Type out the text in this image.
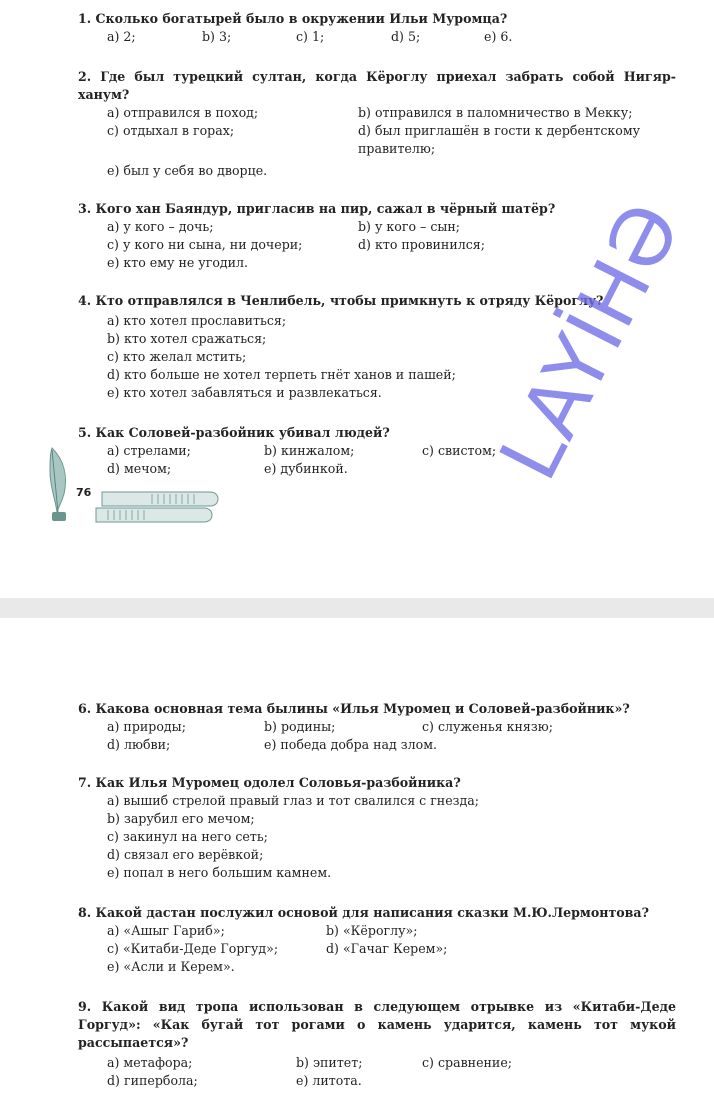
1. Сколько богатырей было в окружении Ильи Муромца?
a) 2;	b) 3;	c) 1;	d) 5;	e) 6.
2. Где был турецкий султан, когда Кёроглу приехал забрать собой Нигяр-ханум?
a) отправился в поход;	b) отправился в паломничество в Мекку;
c) отдыхал в горах;	d) был приглашён в гости к дербентскому правителю;
e) был у себя во дворце.
3. Кого хан Баяндур, пригласив на пир, сажал в чёрный шатёр?
a) у кого – дочь;	b) у кого – сын;
c) у кого ни сына, ни дочери;	d) кто провинился;
e) кто ему не угодил.
4. Кто отправлялся в Ченлибель, чтобы примкнуть к отряду Кёроглу?
a) кто хотел прославиться;
b) кто хотел сражаться;
c) кто желал мстить;
d) кто больше не хотел терпеть гнёт ханов и пашей;
e) кто хотел забавляться и развлекаться.
5. Как Соловей-разбойник убивал людей?
a) стрелами;	b) кинжалом;	c) свистом;
d) мечом;	e) дубинкой.
76	LAYİHƏ
6. Какова основная тема былины «Илья Муромец и Соловей-разбойник»?
a) природы;	b) родины;	c) служенья князю;
d) любви;	e) победа добра над злом.
7. Как Илья Муромец одолел Соловья-разбойника?
a) вышиб стрелой правый глаз и тот свалился с гнезда;
b) зарубил его мечом;
c) закинул на него сеть;
d) связал его верёвкой;
e) попал в него большим камнем.
8. Какой дастан послужил основой для написания сказки М.Ю.Лермонтова?
a) «Ашыг Гариб»;	b) «Кёроглу»;
c) «Китаби-Деде Горгуд»;	d) «Гачаг Керем»;
e) «Асли и Керем».
9. Какой вид тропа использован в следующем отрывке из «Китаби-Деде Горгуд»: «Как бугай тот рогами о камень ударится, камень тот мукой рассыпается»?
a) метафора;	b) эпитет;	c) сравнение;
d) гипербола;	e) литота.
